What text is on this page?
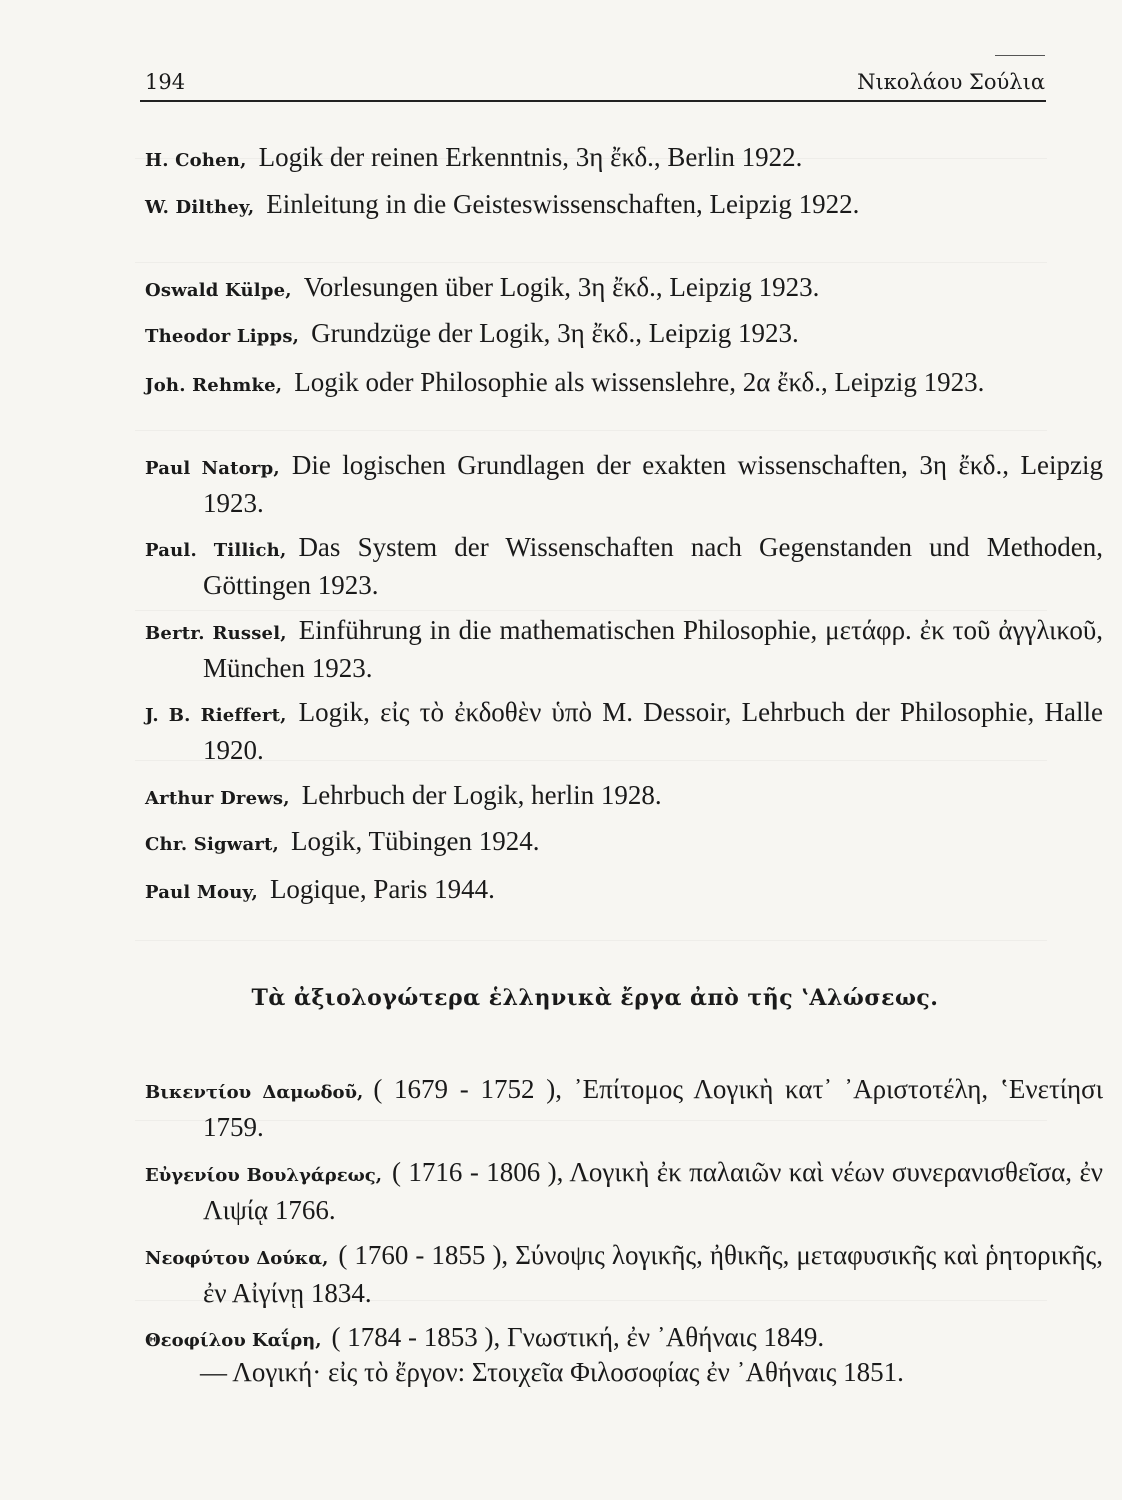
194	Νικολάου Σούλια
H. Cohen, Logik der reinen Erkenntnis, 3η ἔκδ., Berlin 1922.
W. Dilthey, Einleitung in die Geisteswissenschaften, Leipzig 1922.
Oswald Külpe, Vorlesungen über Logik, 3η ἔκδ., Leipzig 1923.
Theodor Lipps, Grundzüge der Logik, 3η ἔκδ., Leipzig 1923.
Joh. Rehmke, Logik oder Philosophie als wissenslehre, 2α ἔκδ., Leipzig 1923.
Paul Natorp, Die logischen Grundlagen der exakten wissenschaften, 3η ἔκδ., Leipzig 1923.
Paul. Tillich, Das System der Wissenschaften nach Gegenstanden und Methoden, Göttingen 1923.
Bertr. Russel, Einführung in die mathematischen Philosophie, μετάφρ. ἐκ τοῦ ἀγγλικοῦ, München 1923.
J. B. Rieffert, Logik, εἰς τὸ ἐκδοθὲν ὑπὸ M. Dessoir, Lehrbuch der Philosophie, Halle 1920.
Arthur Drews, Lehrbuch der Logik, herlin 1928.
Chr. Sigwart, Logik, Tübingen 1924.
Paul Mouy, Logique, Paris 1944.
Τὰ ἀξιολογώτερα ἑλληνικὰ ἔργα ἀπὸ τῆς ʽΑλώσεως.
Βικεντίου Δαμωδοῦ, ( 1679 - 1752 ), ᾿Επίτομος Λογικὴ κατ᾿ ᾿Αριστοτέλη, ʽΕνετίησι 1759.
Εὐγενίου Βουλγάρεως, ( 1716 - 1806 ), Λογικὴ ἐκ παλαιῶν καὶ νέων συνερανισθεῖσα, ἐν Λιψίᾳ 1766.
Νεοφύτου Δούκα, ( 1760 - 1855 ), Σύνοψις λογικῆς, ἠθικῆς, μεταφυσικῆς καὶ ῥητορικῆς, ἐν Αἰγίνῃ 1834.
Θεοφίλου Καΐρη, ( 1784 - 1853 ), Γνωστική, ἐν ᾿Αθήναις 1849.
— Λογική· εἰς τὸ ἔργον: Στοιχεῖα Φιλοσοφίας ἐν ᾿Αθήναις 1851.
